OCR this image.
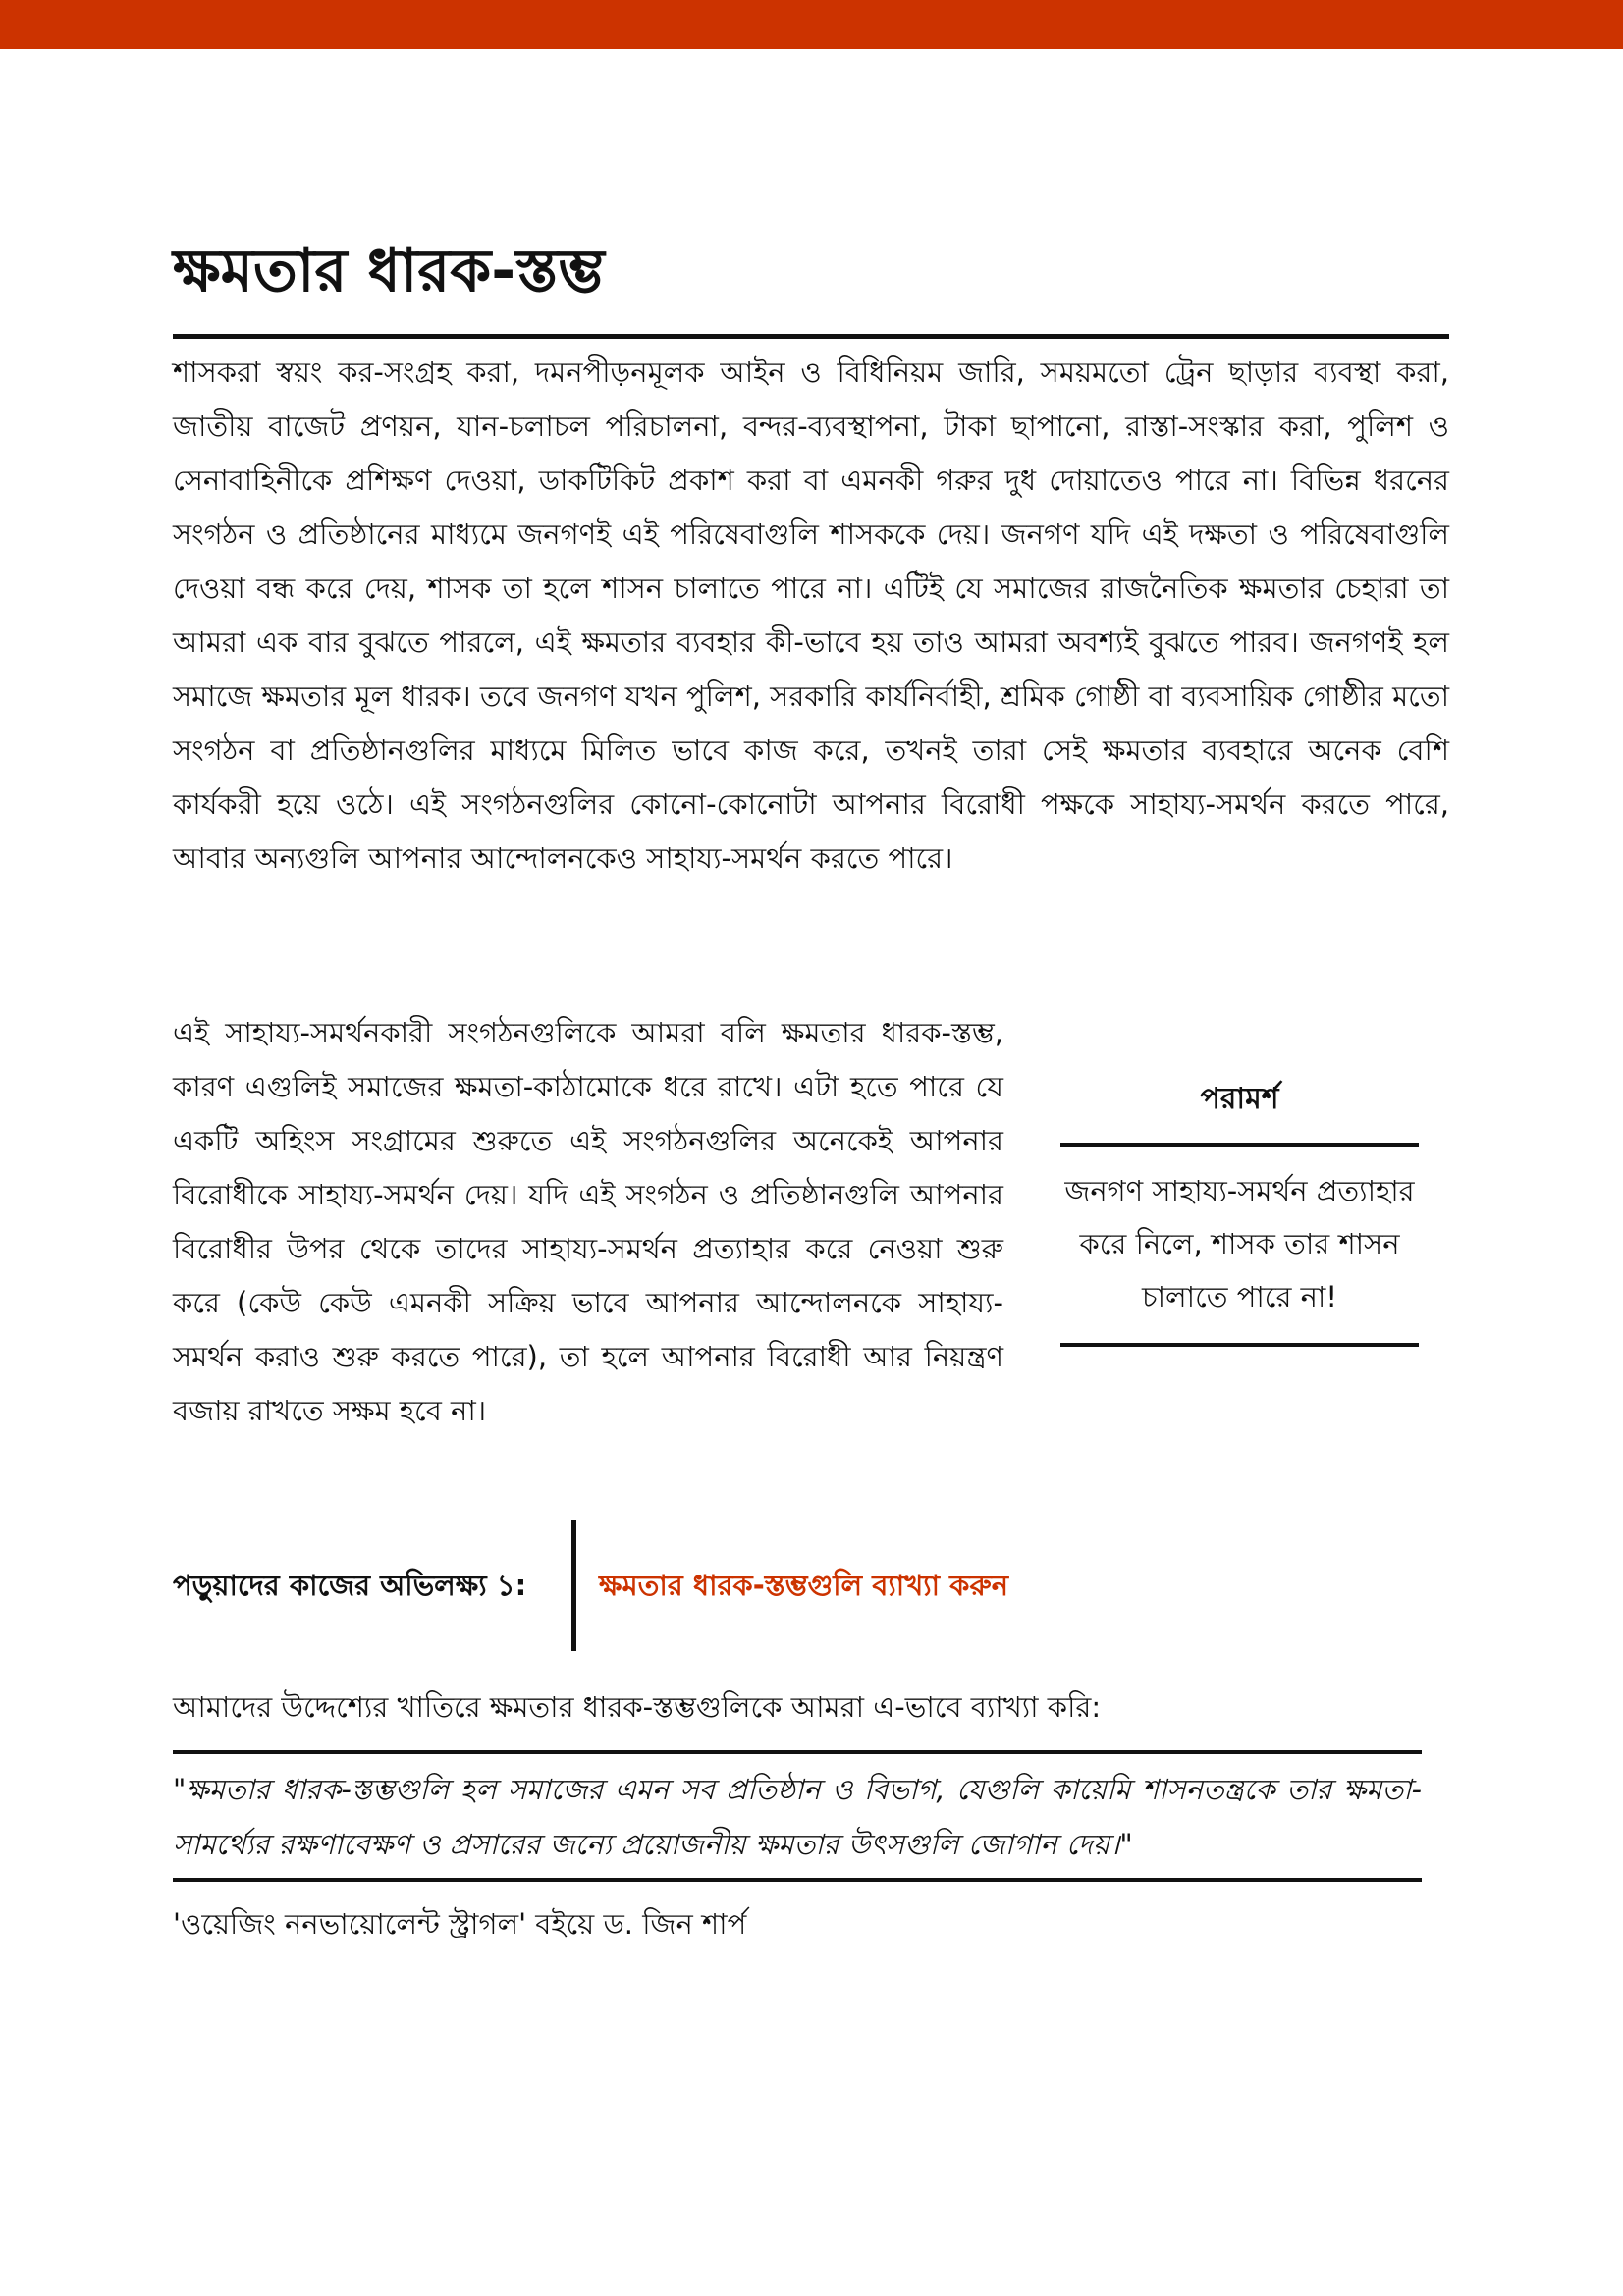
ক্ষমতার ধারক-স্তম্ভ

শাসকরা স্বয়ং কর-সংগ্রহ করা, দমনপীড়নমূলক আইন ও বিধিনিয়ম জারি, সময়মতো ট্রেন ছাড়ার ব্যবস্থা করা, জাতীয় বাজেট প্রণয়ন, যান-চলাচল পরিচালনা, বন্দর-ব্যবস্থাপনা, টাকা ছাপানো, রাস্তা-সংস্কার করা, পুলিশ ও সেনাবাহিনীকে প্রশিক্ষণ দেওয়া, ডাকটিকিট প্রকাশ করা বা এমনকী গরুর দুধ দোয়াতেও পারে না। বিভিন্ন ধরনের সংগঠন ও প্রতিষ্ঠানের মাধ্যমে জনগণই এই পরিষেবাগুলি শাসককে দেয়। জনগণ যদি এই দক্ষতা ও পরিষেবাগুলি দেওয়া বন্ধ করে দেয়, শাসক তা হলে শাসন চালাতে পারে না। এটিই যে সমাজের রাজনৈতিক ক্ষমতার চেহারা তা আমরা এক বার বুঝতে পারলে, এই ক্ষমতার ব্যবহার কী-ভাবে হয় তাও আমরা অবশ্যই বুঝতে পারব। জনগণই হল সমাজে ক্ষমতার মূল ধারক। তবে জনগণ যখন পুলিশ, সরকারি কার্যনির্বাহী, শ্রমিক গোষ্ঠী বা ব্যবসায়িক গোষ্ঠীর মতো সংগঠন বা প্রতিষ্ঠানগুলির মাধ্যমে মিলিত ভাবে কাজ করে, তখনই তারা সেই ক্ষমতার ব্যবহারে অনেক বেশি কার্যকরী হয়ে ওঠে। এই সংগঠনগুলির কোনো-কোনোটা আপনার বিরোধী পক্ষকে সাহায্য-সমর্থন করতে পারে, আবার অন্যগুলি আপনার আন্দোলনকেও সাহায্য-সমর্থন করতে পারে।

এই সাহায্য-সমর্থনকারী সংগঠনগুলিকে আমরা বলি ক্ষমতার ধারক-স্তম্ভ, কারণ এগুলিই সমাজের ক্ষমতা-কাঠামোকে ধরে রাখে। এটা হতে পারে যে একটি অহিংস সংগ্রামের শুরুতে এই সংগঠনগুলির অনেকেই আপনার বিরোধীকে সাহায্য-সমর্থন দেয়। যদি এই সংগঠন ও প্রতিষ্ঠানগুলি আপনার বিরোধীর উপর থেকে তাদের সাহায্য-সমর্থন প্রত্যাহার করে নেওয়া শুরু করে (কেউ কেউ এমনকী সক্রিয় ভাবে আপনার আন্দোলনকে সাহায্য-সমর্থন করাও শুরু করতে পারে), তা হলে আপনার বিরোধী আর নিয়ন্ত্রণ বজায় রাখতে সক্ষম হবে না।

পরামর্শ
জনগণ সাহায্য-সমর্থন প্রত্যাহার করে নিলে, শাসক তার শাসন চালাতে পারে না!
পড়ুয়াদের কাজের অভিলক্ষ্য ১:	ক্ষমতার ধারক-স্তম্ভগুলি ব্যাখ্যা করুন

আমাদের উদ্দেশ্যের খাতিরে ক্ষমতার ধারক-স্তম্ভগুলিকে আমরা এ-ভাবে ব্যাখ্যা করি:

"ক্ষমতার ধারক-স্তম্ভগুলি হল সমাজের এমন সব প্রতিষ্ঠান ও বিভাগ, যেগুলি কায়েমি শাসনতন্ত্রকে তার ক্ষমতা-সামর্থ্যের রক্ষণাবেক্ষণ ও প্রসারের জন্যে প্রয়োজনীয় ক্ষমতার উৎসগুলি জোগান দেয়।"

'ওয়েজিং ননভায়োলেন্ট স্ট্রাগল' বইয়ে ড. জিন শার্প
